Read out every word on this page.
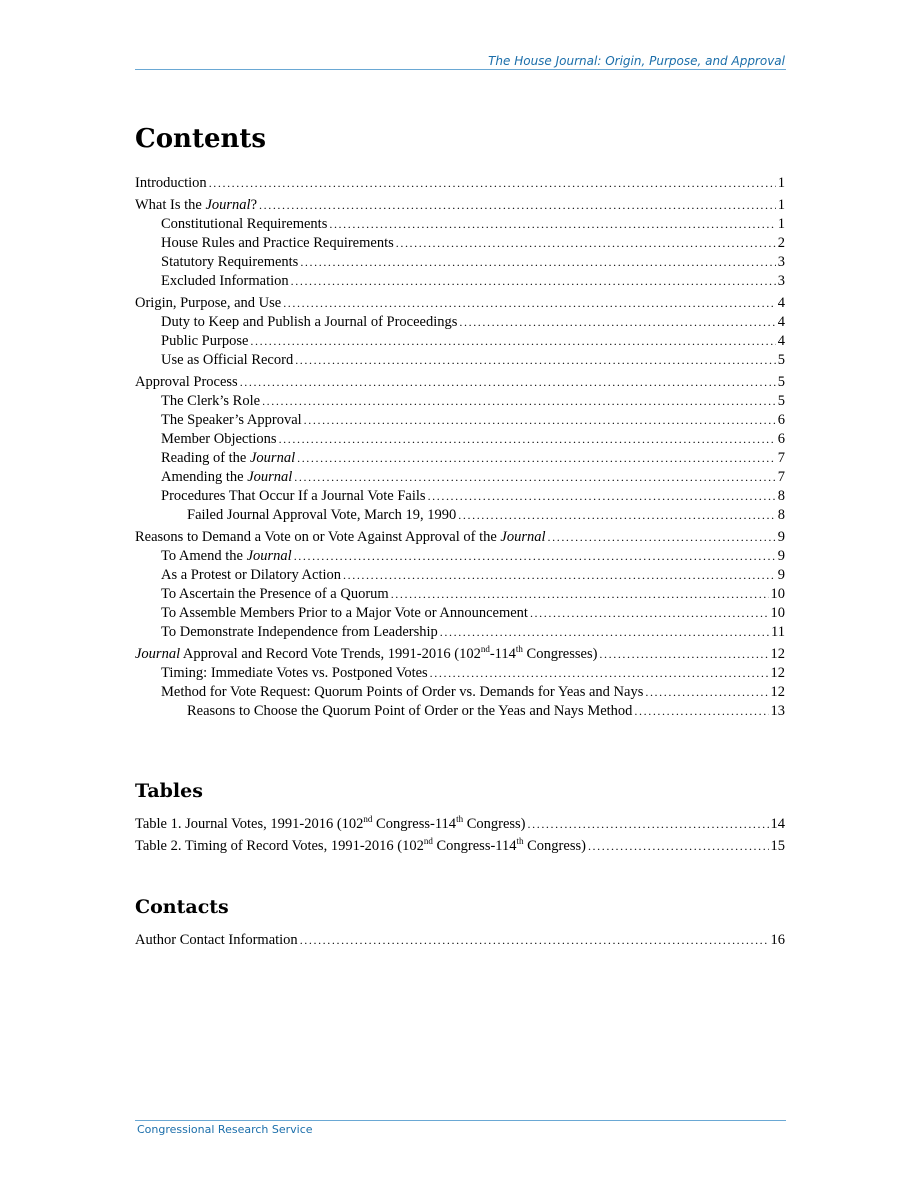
The House Journal: Origin, Purpose, and Approval
Contents
Introduction .....	1
What Is the Journal? .....	1
Constitutional Requirements .....	1
House Rules and Practice Requirements .....	2
Statutory Requirements .....	3
Excluded Information .....	3
Origin, Purpose, and Use .....	4
Duty to Keep and Publish a Journal of Proceedings .....	4
Public Purpose .....	4
Use as Official Record .....	5
Approval Process .....	5
The Clerk’s Role .....	5
The Speaker’s Approval .....	6
Member Objections .....	6
Reading of the Journal .....	7
Amending the Journal .....	7
Procedures That Occur If a Journal Vote Fails .....	8
Failed Journal Approval Vote, March 19, 1990 .....	8
Reasons to Demand a Vote on or Vote Against Approval of the Journal .....	9
To Amend the Journal .....	9
As a Protest or Dilatory Action .....	9
To Ascertain the Presence of a Quorum .....	10
To Assemble Members Prior to a Major Vote or Announcement .....	10
To Demonstrate Independence from Leadership .....	11
Journal Approval and Record Vote Trends, 1991-2016 (102nd-114th Congresses) .....	12
Timing: Immediate Votes vs. Postponed Votes .....	12
Method for Vote Request: Quorum Points of Order vs. Demands for Yeas and Nays .....	12
Reasons to Choose the Quorum Point of Order or the Yeas and Nays Method .....	13
Tables
Table 1. Journal Votes, 1991-2016 (102nd Congress-114th Congress) .....	14
Table 2. Timing of Record Votes, 1991-2016 (102nd Congress-114th Congress) .....	15
Contacts
Author Contact Information .....	16
Congressional Research Service
